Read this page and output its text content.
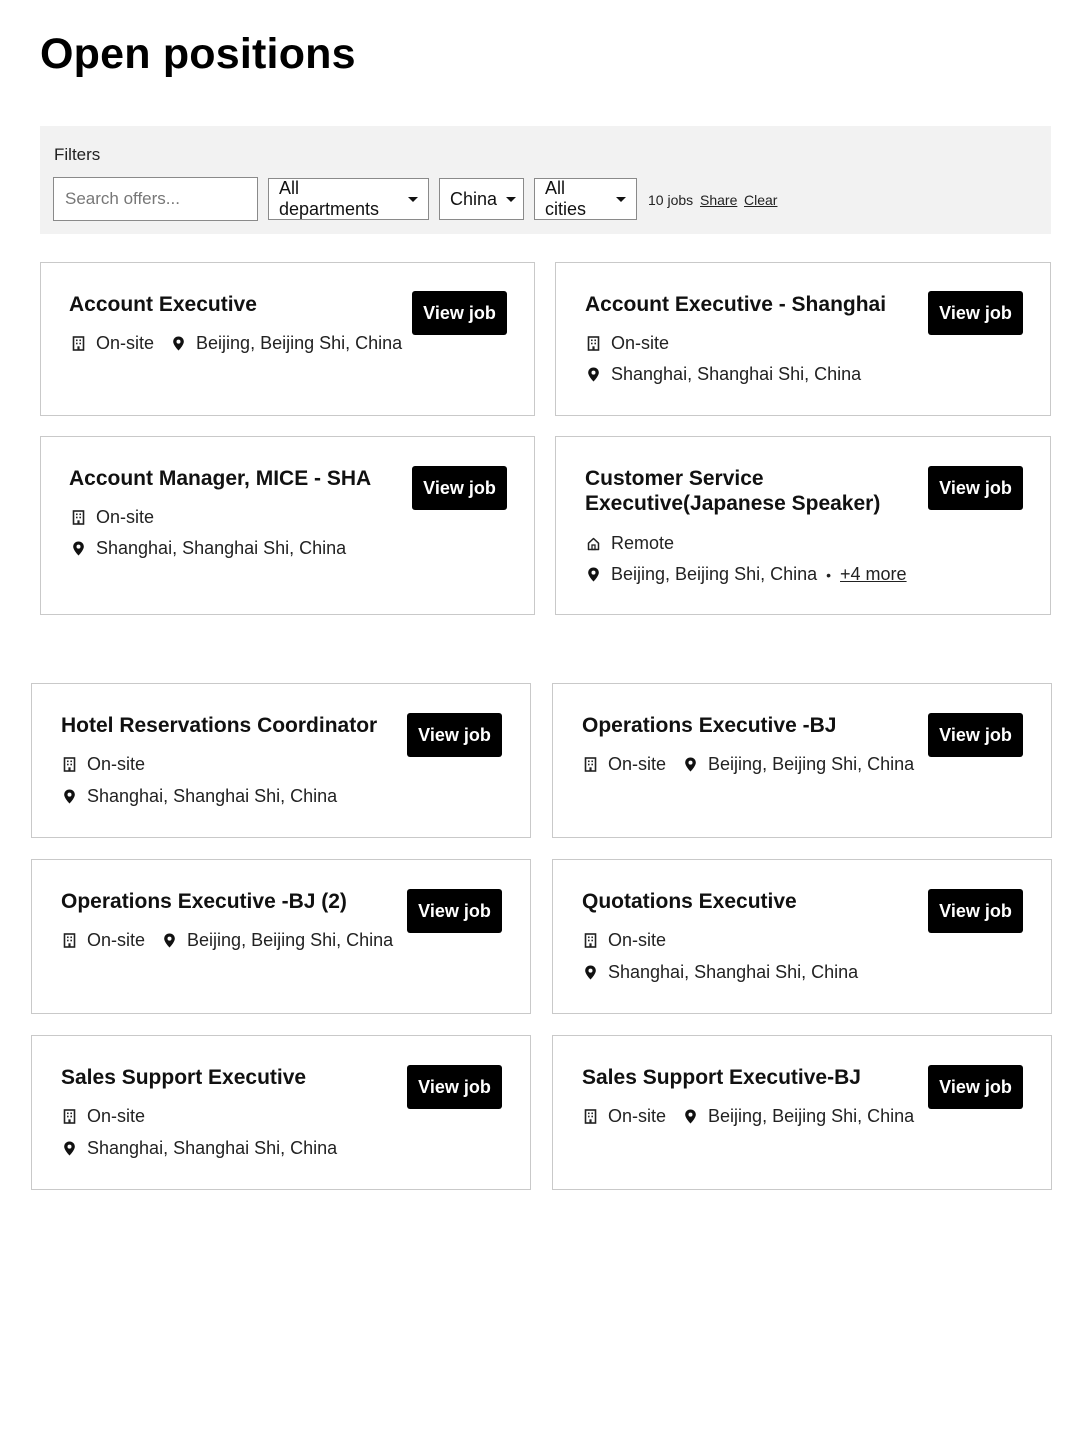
Open positions
Filters
Search offers...
All departments
China
All cities	10 jobs Share Clear
Account Executive	View job
On-site Beijing, Beijing Shi, China
Account Executive - Shanghai	View job
On-site
Shanghai, Shanghai Shi, China
Account Manager, MICE - SHA	View job
On-site
Shanghai, Shanghai Shi, China
Customer Service
Executive(Japanese Speaker)
View job
Remote
Beijing, Beijing Shi, China • +4 more
Hotel Reservations Coordinator	View job
On-site
Shanghai, Shanghai Shi, China
Operations Executive -BJ	View job
On-site Beijing, Beijing Shi, China
Operations Executive -BJ (2)	View job
On-site Beijing, Beijing Shi, China
Quotations Executive	View job
On-site
Shanghai, Shanghai Shi, China
Sales Support Executive	View job
On-site
Shanghai, Shanghai Shi, China
Sales Support Executive-BJ	View job
On-site Beijing, Beijing Shi, China
